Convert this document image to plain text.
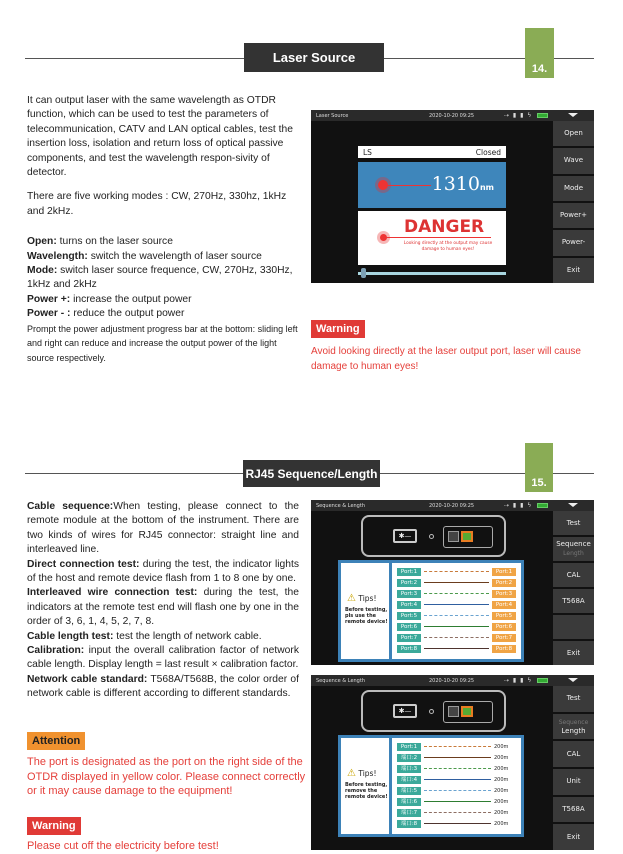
Laser Source
14.

It can output laser with the same wavelength as OTDR function, which can be used to test the parameters of telecommunication, CATV and LAN optical cables, test the insertion loss, isolation and return loss of optical passive components, and test the wavelength respon-sivity of detector.

There are five working modes : CW, 270Hz, 330hz, 1kHz and 2kHz.

Open: turns on the laser source

Wavelength: switch the wavelength of laser source

Mode: switch laser source frequence, CW, 270Hz, 330Hz, 1kHz and 2kHz

Power +: increase the output power

Power - : reduce the output power

Prompt the power adjustment progress bar at the bottom: sliding left and right can reduce and increase the output power of the light source respectively.

Laser Source	2020-10-20 09:25	⇢ ▮ ▮ ϟ
LS	Closed
1310nm
DANGER
Looking directly at the output may cause damage to human eyes!
Open
Wave
Mode
Power+
Power-
Exit
Warning
Avoid looking directly at the laser output port, laser will cause damage to human eyes!
RJ45 Sequence/Length
15.

Cable sequence:When testing, please connect to the remote module at the bottom of the instrument. There are two kinds of wires for RJ45 connector: straight line and interleaved line.

Direct connection test: during the test, the indicator lights of the host and remote device flash from 1 to 8 one by one.

Interleaved wire connection test: during the test, the indicators at the remote test end will flash one by one in the order of 3, 6, 1, 4, 5, 2, 7, 8.

Cable length test: test the length of network cable.

Calibration: input the overall calibration factor of network cable length. Display length = last result × calibration factor.

Network cable standard: T568A/T568B, the color order of network cable is different according to different standards.

Attention
The port is designated as the port on the right side of the OTDR displayed in yellow color. Please connect correctly or it may cause damage to the equipment!
Warning
Please cut off the electricity before test!
Sequence & Length	2020-10-20 09:25	⇢ ▮ ▮ ϟ
✱—
⚠ Tips!
Before testing, pls use the remote device!
Port:1	Port:1
Port:2	Port:2
Port:3	Port:3
Port:4	Port:4
Port:5	Port:5
Port:6	Port:6
Port:7	Port:7
Port:8	Port:8
Test
Sequence
Length
CAL
T568A
Exit
Sequence & Length	2020-10-20 09:25	⇢ ▮ ▮ ϟ
✱—
⚠ Tips!
Before testing, remove the remote device!
Port:1	200m
端口:2	200m
端口:3	200m
端口:4	200m
端口:5	200m
端口:6	200m
端口:7	200m
端口:8	200m
Test
Sequence
Length
CAL
Unit
T568A
Exit
